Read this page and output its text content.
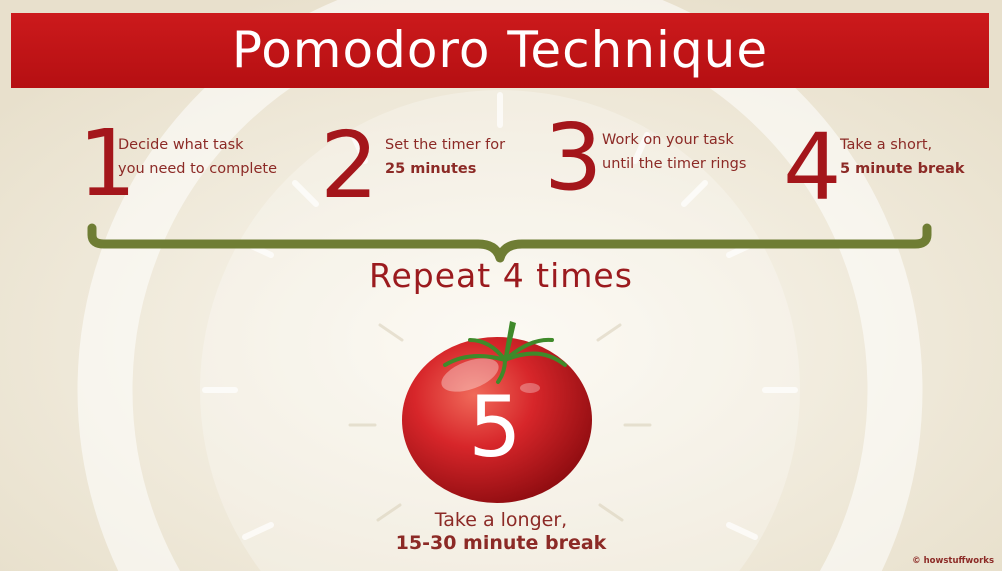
Pomodoro Technique
1
Decide what task
you need to complete 2 Set the timer for
25 minutes 3 Work on your task
until the timer rings 4
Take a short,
5 minute break
Repeat 4 times
5
Take a longer,
15-30 minute break
© howstuffworks
